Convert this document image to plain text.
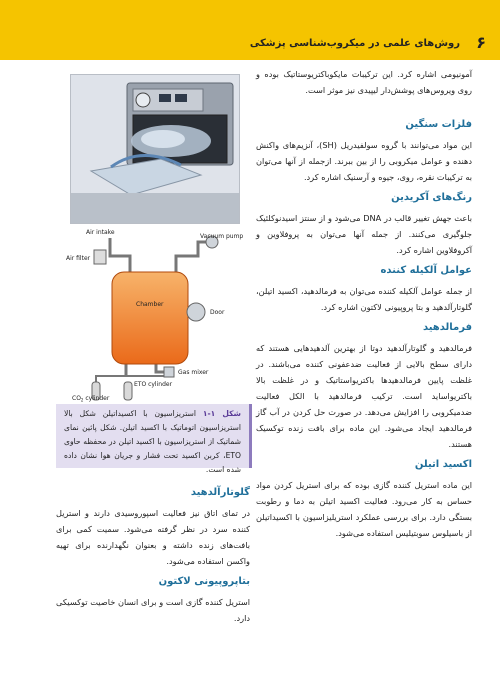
۶
روش‌های علمی در میکروب‌شناسی پزشکی

آمونیومی اشاره کرد. این ترکیبات مایکوباکتریوستاتیک بوده و روی ویروس‌های پوشش‌دار لیپیدی نیز موثر است.

فلزات سنگین

این مواد می‌توانند با گروه سولفیدریل (SH)، آنزیم‌های واکنش دهنده و عوامل میکروبی را از بین ببرند. ازجمله از آنها می‌توان به ترکیبات نقره، روی، جیوه و آرسنیک اشاره کرد.

رنگ‌های آکریدین

باعث جهش تغییر قالب در DNA می‌شود و از سنتز اسیدنوکلئیک جلوگیری می‌کنند. از جمله آنها می‌توان به پروفلاوین و آکروفلاوین اشاره کرد.

عوامل آلکیله کننده

از جمله عوامل آلکیله کننده می‌توان به فرمالدهید، اکسید اتیلن، گلوتارآلدهید و بتا پروپیونی لاکتون اشاره کرد.

فرمالدهید

فرمالدهید و گلوتارآلدهید دوتا از بهترین آلدهیدهایی هستند که دارای سطح بالایی از فعالیت ضدعفونی کننده می‌باشند. در غلظت پایین فرمالدهیدها باکتریواستاتیک و در غلظت بالا باکتریواساید است. ترکیب فرمالدهید با الکل فعالیت ضدمیکروبی را افزایش می‌دهد. در صورت حل کردن در آب گاز فرمالدهید ایجاد می‌شود. این ماده برای بافت زنده توکسیک هستند.

اکسید اتیلن

این ماده استریل کننده گازی بوده که برای استریل کردن مواد حساس به کار می‌رود. فعالیت اکسید اتیلن به دما و رطوبت بستگی دارد. برای بررسی عملکرد استریلیزاسیون با اکسیداتیلن از باسیلوس سوبتیلیس استفاده می‌شود.

Air intake
Air filter
Vacuum pump
Chamber
Door
Gas mixer
ETO cylinder
$CO_2$ cylinder
شکل ۱-۱ استریزاسیون با اکسیداتیلن شکل بالا استریزاسیون اتوماتیک با اکسید اتیلن. شکل پائین نمای شماتیک از استریزاسیون با اکسید اتیلن در محفظه حاوی ETO، کربن اکسید تحت فشار و جریان هوا نشان داده شده است.
گلوتارآلدهید

در تمای اتاق نیز فعالیت اسپوروسیدی دارند و استریل کننده سرد در نظر گرفته می‌شود. سمیت کمی برای بافت‌های زنده داشته و بعنوان نگهدارنده برای تهیه واکسن استفاده می‌شود.

بتاپروپیونی لاکتون

استریل کننده گازی است و برای انسان خاصیت توکسیکی دارد.
